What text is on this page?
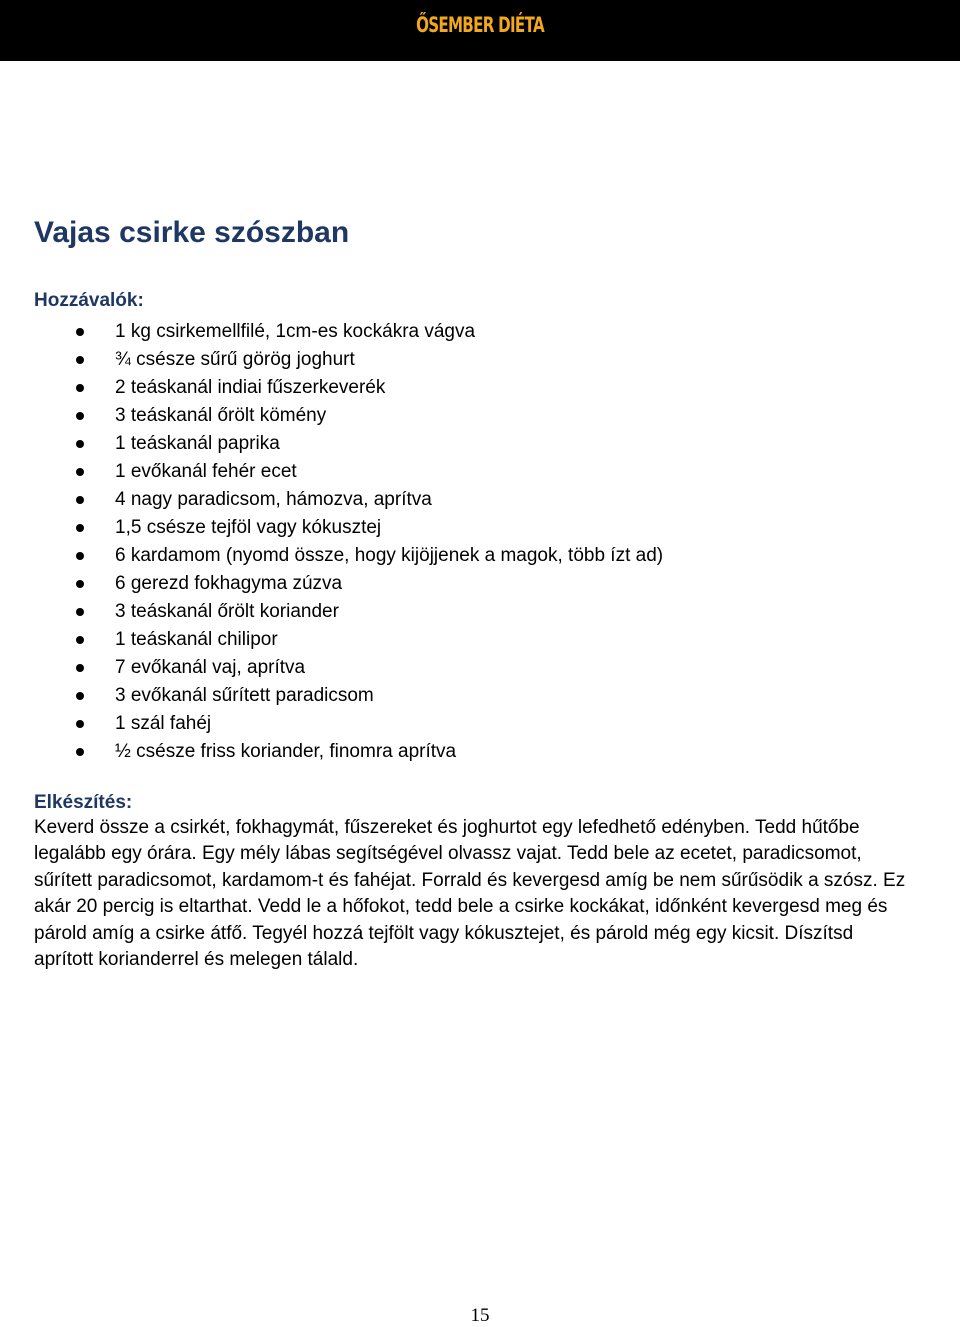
ŐSEMBER DIÉTA
Vajas csirke szószban
Hozzávalók:
1 kg csirkemellfilé, 1cm-es kockákra vágva
¾ csésze sűrű görög joghurt
2 teáskanál indiai fűszerkeverék
3 teáskanál őrölt kömény
1 teáskanál paprika
1 evőkanál fehér ecet
4 nagy paradicsom, hámozva, aprítva
1,5 csésze tejföl vagy kókusztej
6 kardamom (nyomd össze, hogy kijöjjenek a magok, több ízt ad)
6 gerezd fokhagyma zúzva
3 teáskanál őrölt koriander
1 teáskanál chilipor
7 evőkanál vaj, aprítva
3 evőkanál sűrített paradicsom
1 szál fahéj
½ csésze friss koriander, finomra aprítva
Elkészítés:

Keverd össze a csirkét, fokhagymát, fűszereket és joghurtot egy lefedhető edényben. Tedd hűtőbe legalább egy órára. Egy mély lábas segítségével olvassz vajat. Tedd bele az ecetet, paradicsomot, sűrített paradicsomot, kardamom-t és fahéjat. Forrald és kevergesd amíg be nem sűrűsödik a szósz. Ez akár 20 percig is eltarthat. Vedd le a hőfokot, tedd bele a csirke kockákat, időnként kevergesd meg és párold amíg a csirke átfő. Tegyél hozzá tejfölt vagy kókusztejet, és párold még egy kicsit. Díszítsd aprított korianderrel és melegen tálald.

15
